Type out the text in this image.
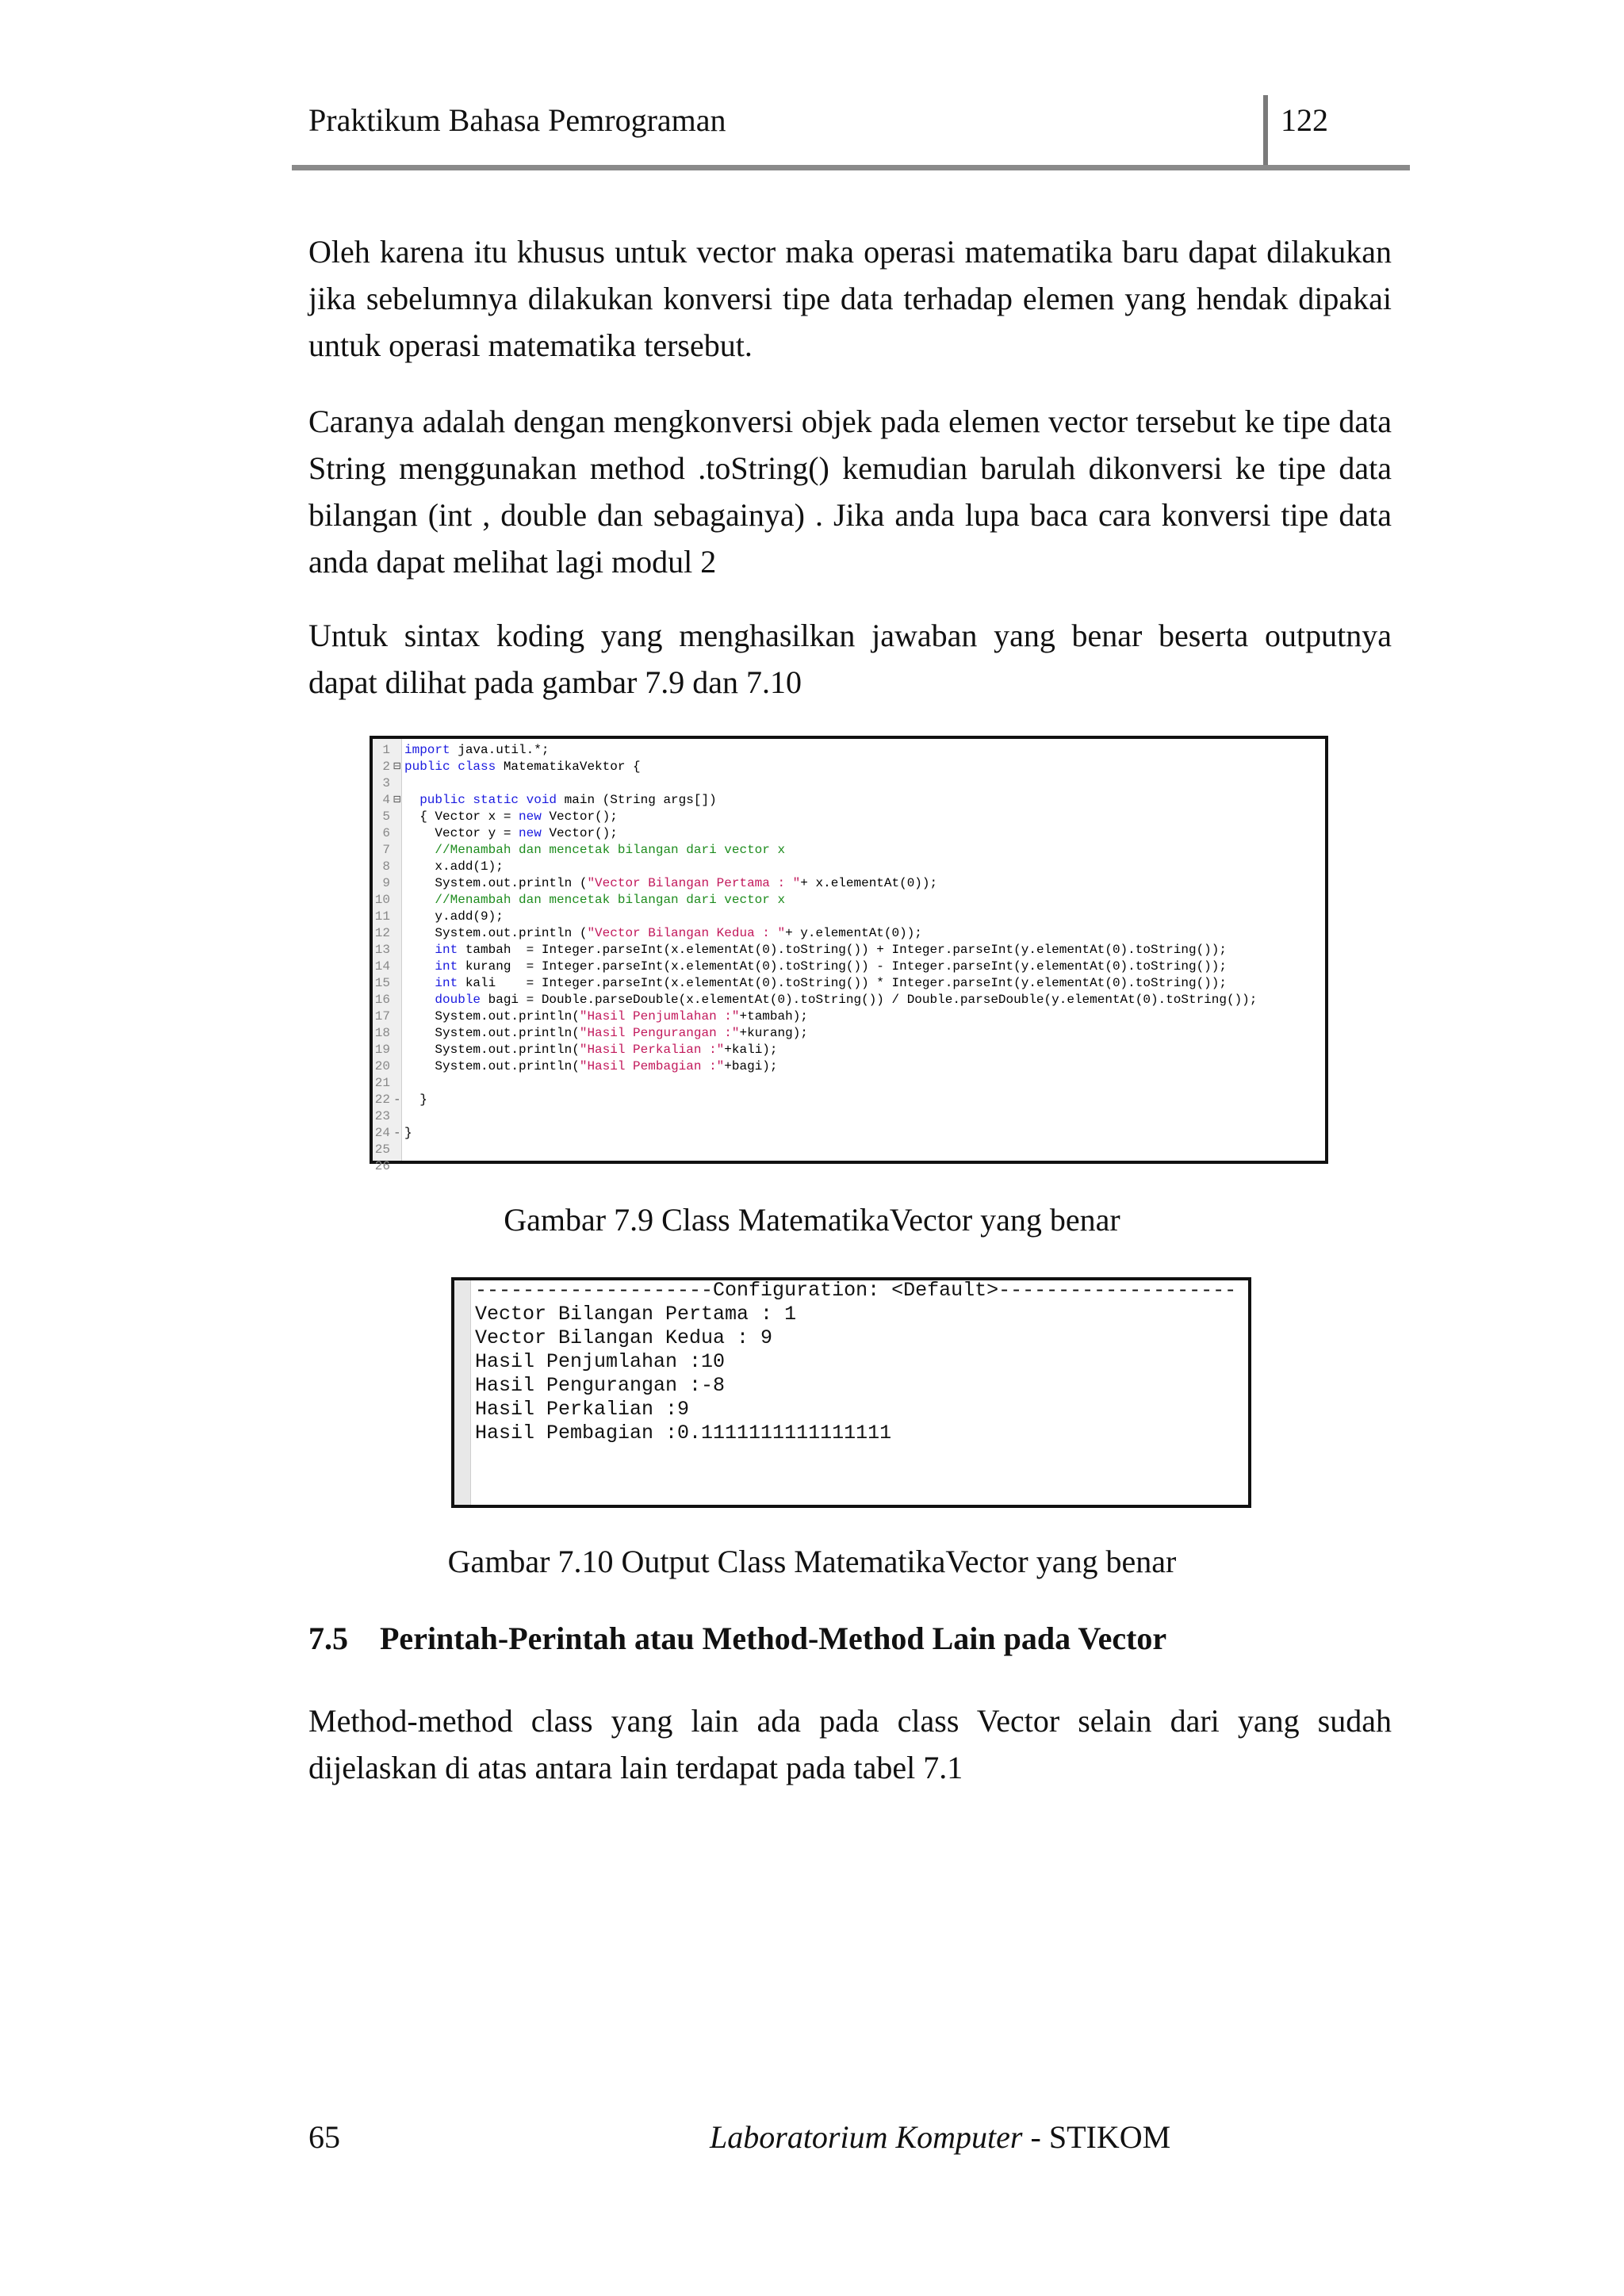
Praktikum Bahasa Pemrograman	122

Oleh karena itu khusus untuk vector maka operasi matematika baru dapat dilakukan jika sebelumnya dilakukan konversi tipe data terhadap elemen yang hendak dipakai untuk operasi matematika tersebut.

Caranya adalah dengan mengkonversi objek pada elemen vector tersebut ke tipe data String menggunakan method .toString() kemudian barulah dikonversi ke tipe data bilangan (int , double dan sebagainya) . Jika anda lupa baca cara konversi tipe data anda dapat melihat lagi modul 2

Untuk sintax koding yang menghasilkan jawaban yang benar beserta outputnya dapat dilihat pada gambar 7.9 dan 7.10

1 import java.util.*;
2 ⊟ public class MatematikaVektor {
3
4 ⊟ public static void main (String args[])
5  { Vector x = new Vector();
6    Vector y = new Vector();
7    //Menambah dan mencetak bilangan dari vector x
8    x.add(1);
9    System.out.println ("Vector Bilangan Pertama : "+ x.elementAt(0));
10    //Menambah dan mencetak bilangan dari vector x
11    y.add(9);
12    System.out.println ("Vector Bilangan Kedua : "+ y.elementAt(0));
13	int tambah  = Integer.parseInt(x.elementAt(0).toString()) + Integer.parseInt(y.elementAt(0).toString());
14	int kurang  = Integer.parseInt(x.elementAt(0).toString()) - Integer.parseInt(y.elementAt(0).toString());
15	int kali    = Integer.parseInt(x.elementAt(0).toString()) * Integer.parseInt(y.elementAt(0).toString());
16	double bagi = Double.parseDouble(x.elementAt(0).toString()) / Double.parseDouble(y.elementAt(0).toString());
17    System.out.println("Hasil Penjumlahan :"+tambah);
18    System.out.println("Hasil Pengurangan :"+kurang);
19    System.out.println("Hasil Perkalian :"+kali);
20    System.out.println("Hasil Pembagian :"+bagi);
21
22 -  }
23
24 - }
25
26
Gambar 7.9 Class MatematikaVector yang benar
--------------------Configuration: <Default>--------------------
Vector Bilangan Pertama : 1
Vector Bilangan Kedua : 9
Hasil Penjumlahan :10
Hasil Pengurangan :-8
Hasil Perkalian :9
Hasil Pembagian :0.1111111111111111
Gambar 7.10 Output Class MatematikaVector yang benar
7.5 Perintah-Perintah atau Method-Method Lain pada Vector

Method-method class yang lain ada pada class Vector selain dari yang sudah dijelaskan di atas antara lain terdapat pada tabel 7.1

65	Laboratorium Komputer - STIKOM
